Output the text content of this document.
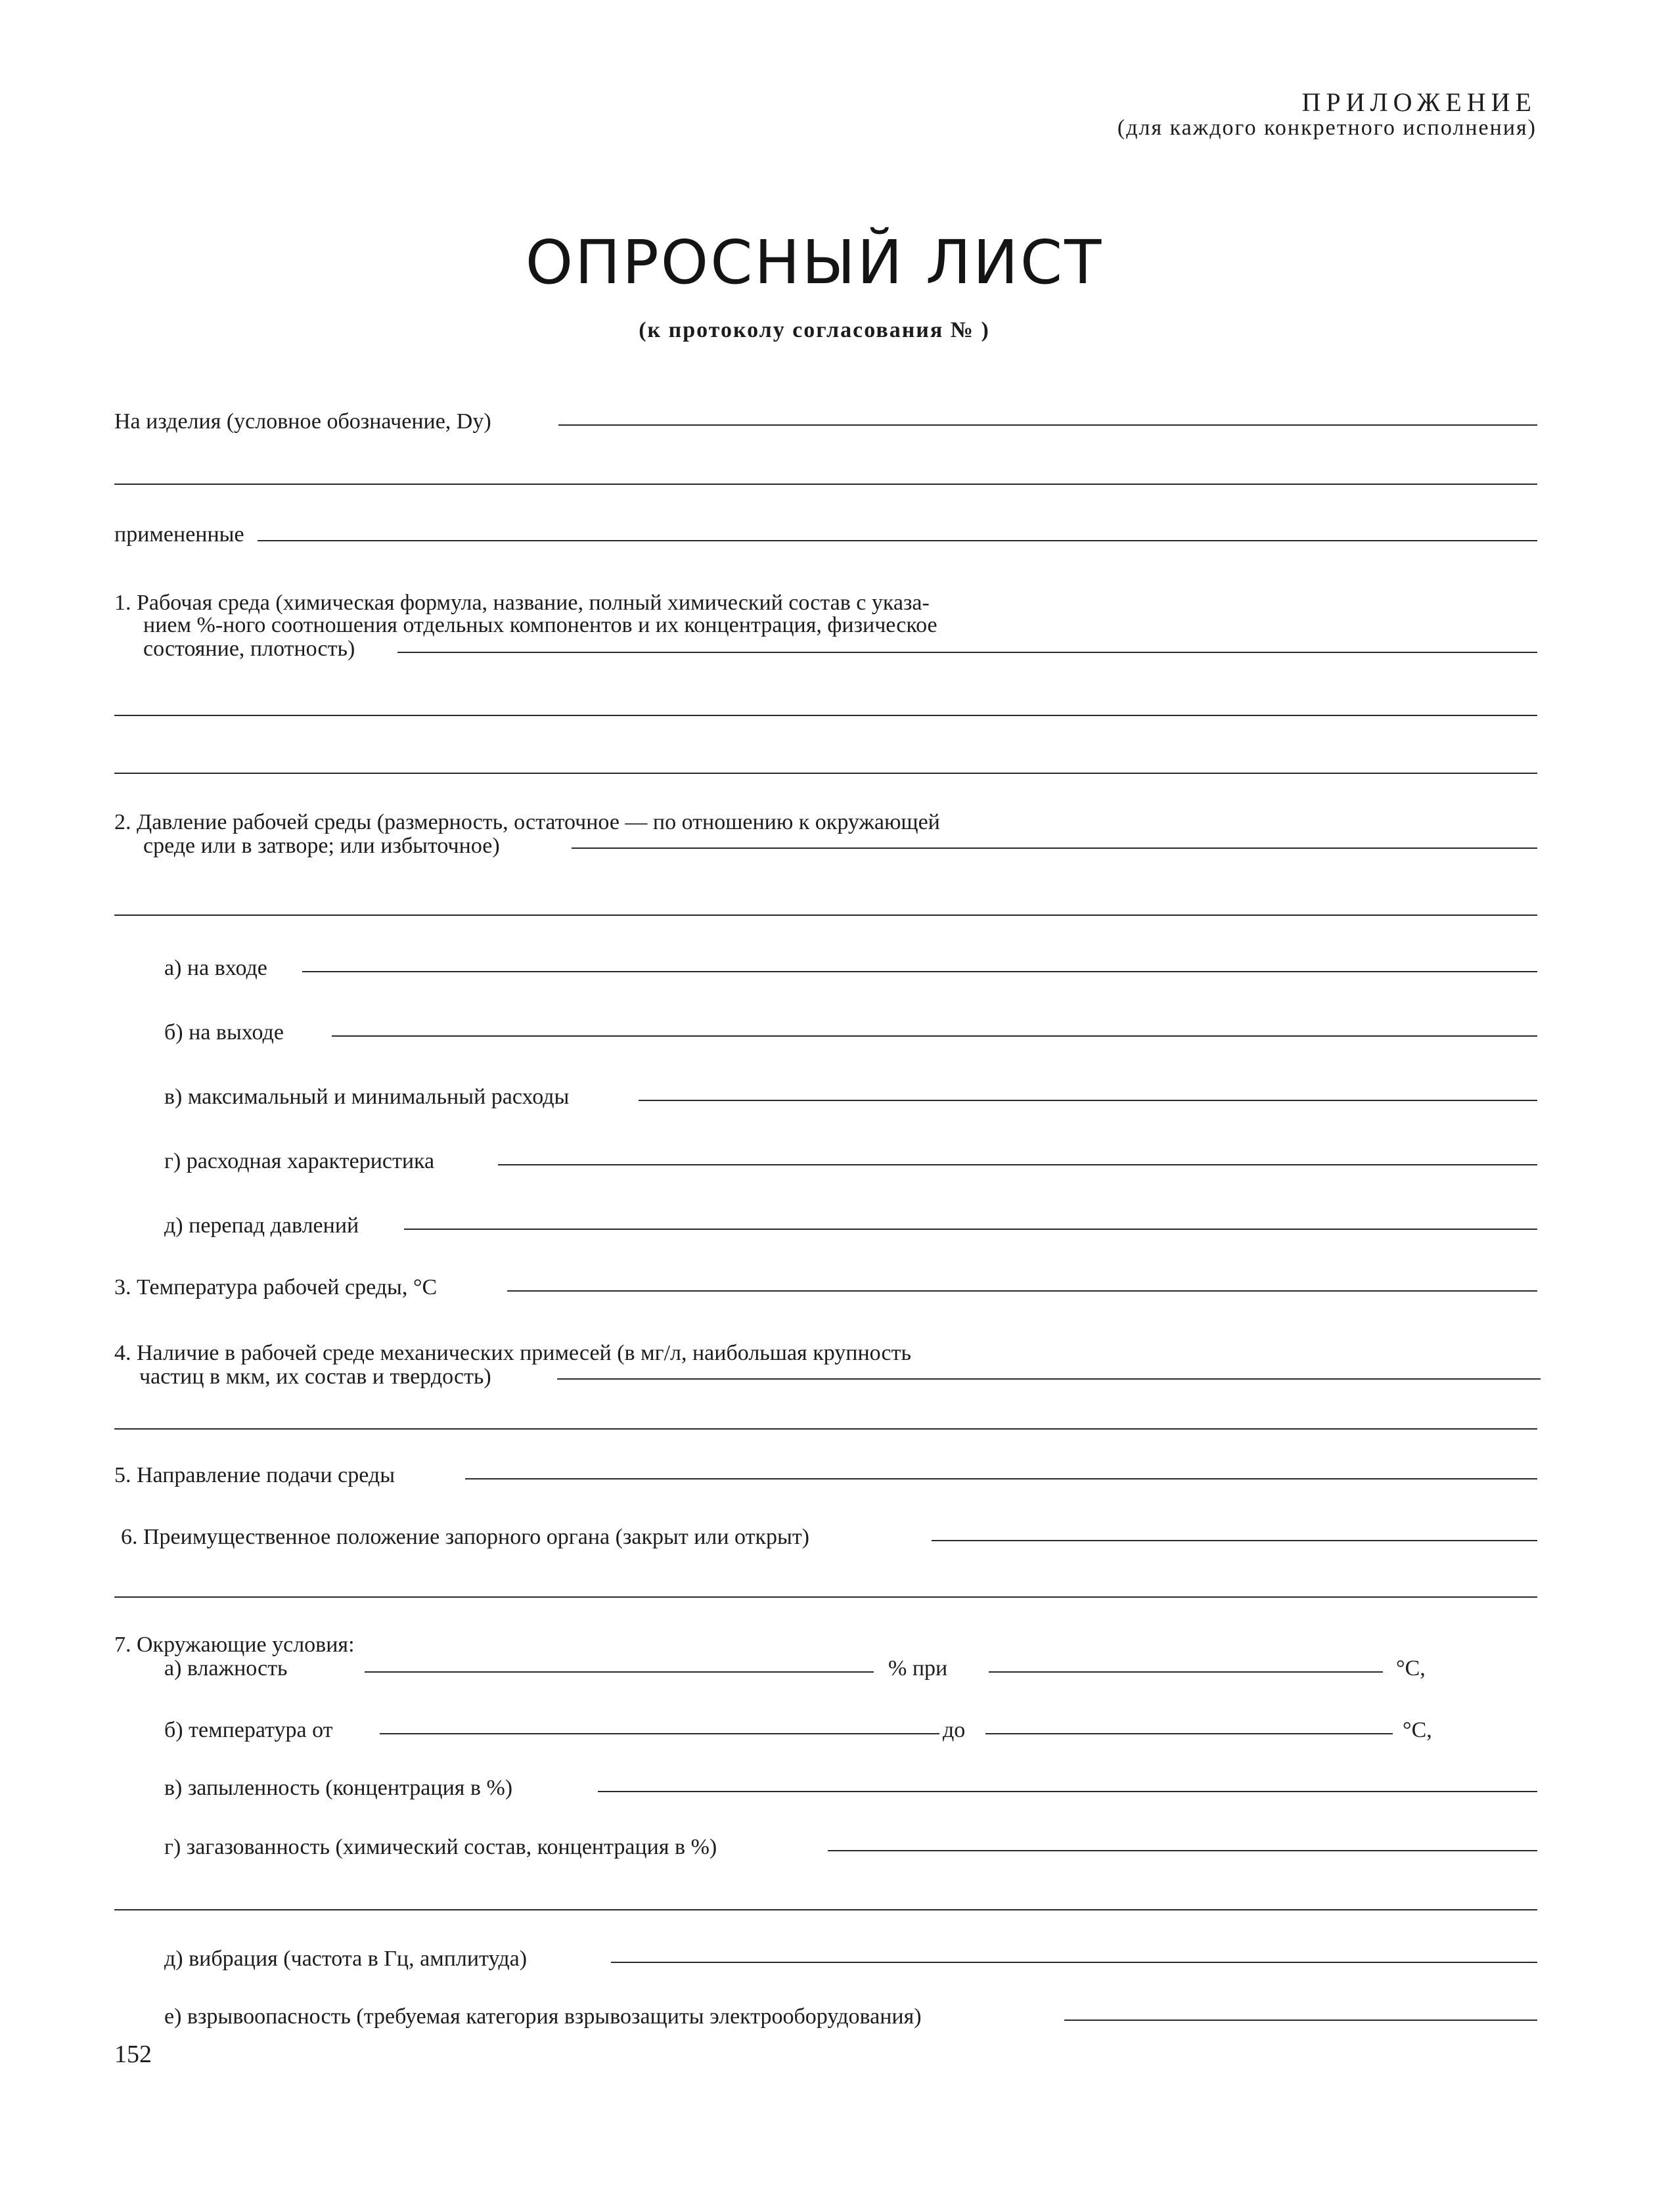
ПРИЛОЖЕНИЕ
(для каждого конкретного исполнения)
ОПРОСНЫЙ ЛИСТ
(к протоколу согласования № )
На изделия (условное обозначение, Dу)
примененные
1. Рабочая среда (химическая формула, название, полный химический состав с указа-
нием %-ного соотношения отдельных компонентов и их концентрация, физическое
состояние, плотность)
2. Давление рабочей среды (размерность, остаточное — по отношению к окружающей
среде или в затворе; или избыточное)
а) на входе
б) на выходе
в) максимальный и минимальный расходы
г) расходная характеристика
д) перепад давлений
3. Температура рабочей среды, °С
4. Наличие в рабочей среде механических примесей (в мг/л, наибольшая крупность
частиц в мкм, их состав и твердость)
5. Направление подачи среды
6. Преимущественное положение запорного органа (закрыт или открыт)
7. Окружающие условия:
а) влажность	% при	°С,
б) температура от	до	°С,
в) запыленность (концентрация в %)
г) загазованность (химический состав, концентрация в %)
д) вибрация (частота в Гц, амплитуда)
е) взрывоопасность (требуемая категория взрывозащиты электрооборудования)
152
